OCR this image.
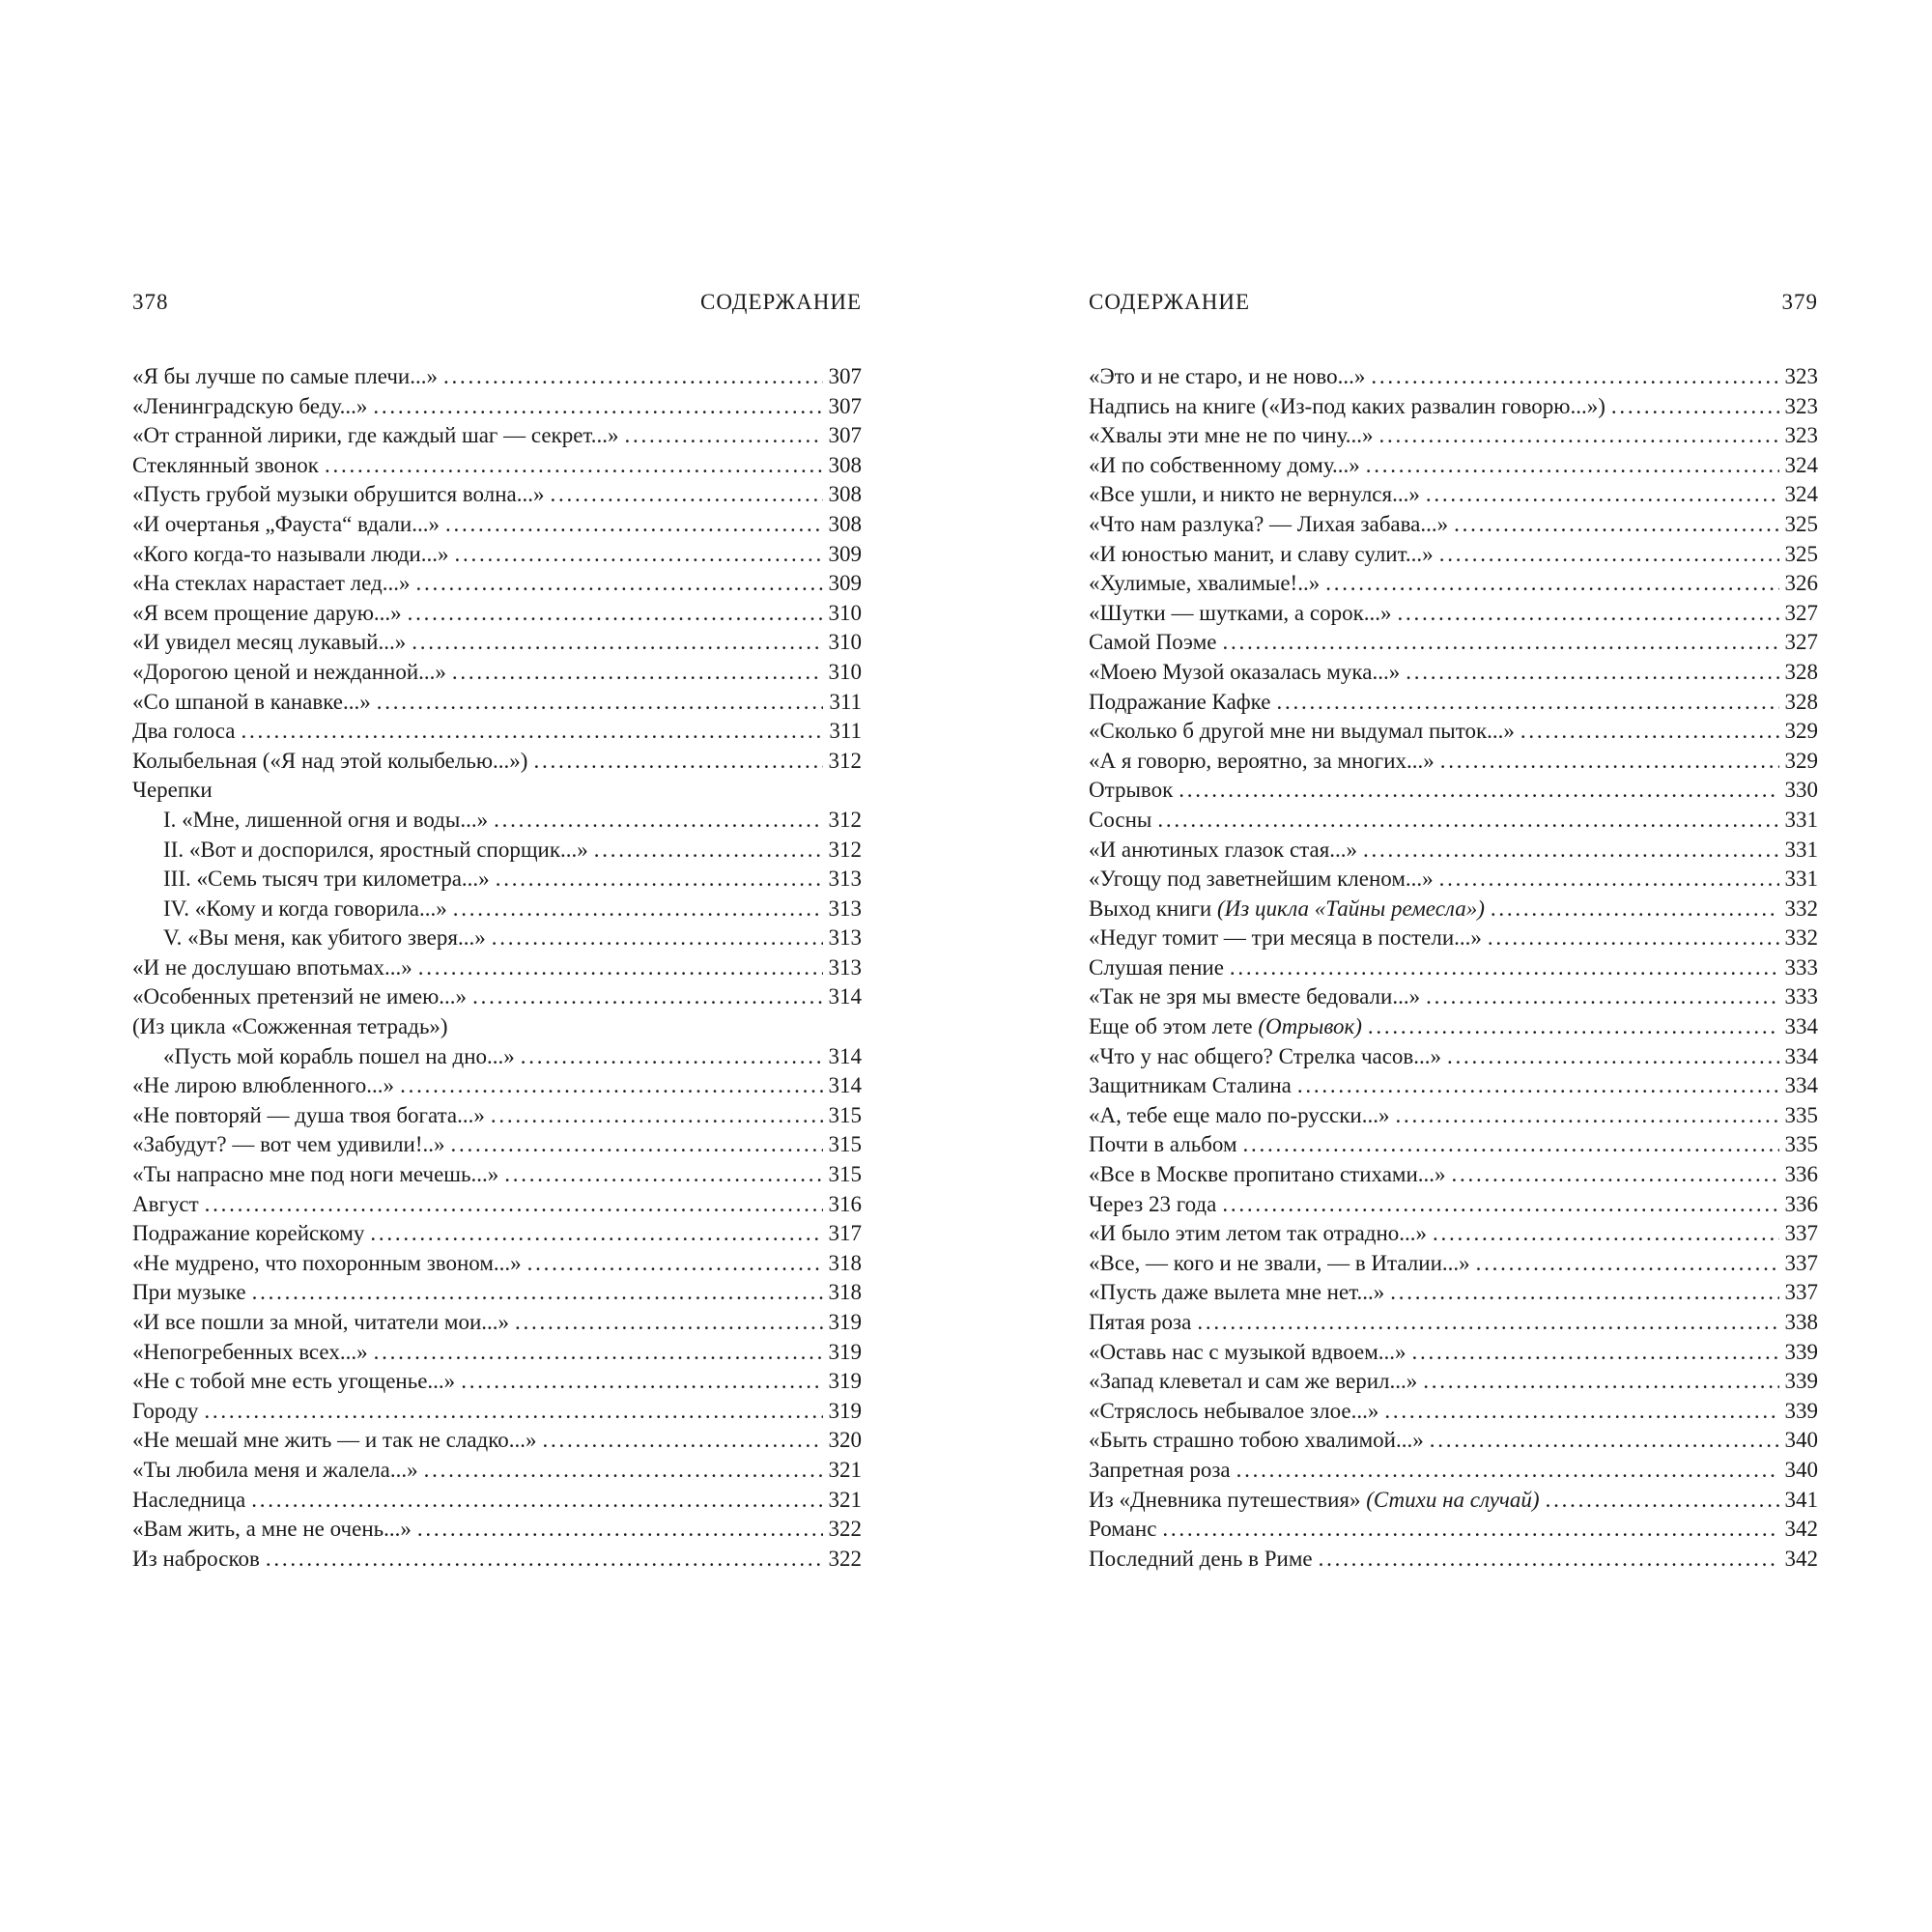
378	СОДЕРЖАНИЕ
«Я бы лучше по самые плечи...» . . .	307
«Ленинградскую беду...» . . .	307
«От странной лирики, где каждый шаг — секрет...» . . .	307
Стеклянный звонок . . .	308
«Пусть грубой музыки обрушится волна...» . . .	308
«И очертанья „Фауста“ вдали...» . . .	308
«Кого когда-то называли люди...» . . .	309
«На стеклах нарастает лед...» . . .	309
«Я всем прощение дарую...» . . .	310
«И увидел месяц лукавый...» . . .	310
«Дорогою ценой и нежданной...» . . .	310
«Со шпаной в канавке...» . . .	311
Два голоса . . .	311
Колыбельная («Я над этой колыбелью...») . . .	312
Черепки
I. «Мне, лишенной огня и воды...» . . .	312
II. «Вот и доспорился, яростный спорщик...» . . .	312
III. «Семь тысяч три километра...» . . .	313
IV. «Кому и когда говорила...» . . .	313
V. «Вы меня, как убитого зверя...» . . .	313
«И не дослушаю впотьмах...» . . .	313
«Особенных претензий не имею...» . . .	314
(Из цикла «Сожженная тетрадь»)
«Пусть мой корабль пошел на дно...» . . .	314
«Не лирою влюбленного...» . . .	314
«Не повторяй — душа твоя богата...» . . .	315
«Забудут? — вот чем удивили!..» . . .	315
«Ты напрасно мне под ноги мечешь...» . . .	315
Август . . .	316
Подражание корейскому . . .	317
«Не мудрено, что похоронным звоном...» . . .	318
При музыке . . .	318
«И все пошли за мной, читатели мои...» . . .	319
«Непогребенных всех...» . . .	319
«Не с тобой мне есть угощенье...» . . .	319
Городу . . .	319
«Не мешай мне жить — и так не сладко...» . . .	320
«Ты любила меня и жалела...» . . .	321
Наследница . . .	321
«Вам жить, а мне не очень...» . . .	322
Из набросков . . .	322
СОДЕРЖАНИЕ	379
«Это и не старо, и не ново...» . . .	323
Надпись на книге («Из-под каких развалин говорю...») . . .	323
«Хвалы эти мне не по чину...» . . .	323
«И по собственному дому...» . . .	324
«Все ушли, и никто не вернулся...» . . .	324
«Что нам разлука? — Лихая забава...» . . .	325
«И юностью манит, и славу сулит...» . . .	325
«Хулимые, хвалимые!..» . . .	326
«Шутки — шутками, а сорок...» . . .	327
Самой Поэме . . .	327
«Моею Музой оказалась мука...» . . .	328
Подражание Кафке . . .	328
«Сколько б другой мне ни выдумал пыток...» . . .	329
«А я говорю, вероятно, за многих...» . . .	329
Отрывок . . .	330
Сосны . . .	331
«И анютиных глазок стая...» . . .	331
«Угощу под заветнейшим кленом...» . . .	331
Выход книги (Из цикла «Тайны ремесла») . . .	332
«Недуг томит — три месяца в постели...» . . .	332
Слушая пение . . .	333
«Так не зря мы вместе бедовали...» . . .	333
Еще об этом лете (Отрывок) . . .	334
«Что у нас общего? Стрелка часов...» . . .	334
Защитникам Сталина . . .	334
«А, тебе еще мало по-русски...» . . .	335
Почти в альбом . . .	335
«Все в Москве пропитано стихами...» . . .	336
Через 23 года . . .	336
«И было этим летом так отрадно...» . . .	337
«Все, — кого и не звали, — в Италии...» . . .	337
«Пусть даже вылета мне нет...» . . .	337
Пятая роза . . .	338
«Оставь нас с музыкой вдвоем...» . . .	339
«Запад клеветал и сам же верил...» . . .	339
«Стряслось небывалое злое...» . . .	339
«Быть страшно тобою хвалимой...» . . .	340
Запретная роза . . .	340
Из «Дневника путешествия» (Стихи на случай) . . .	341
Романс . . .	342
Последний день в Риме . . .	342
